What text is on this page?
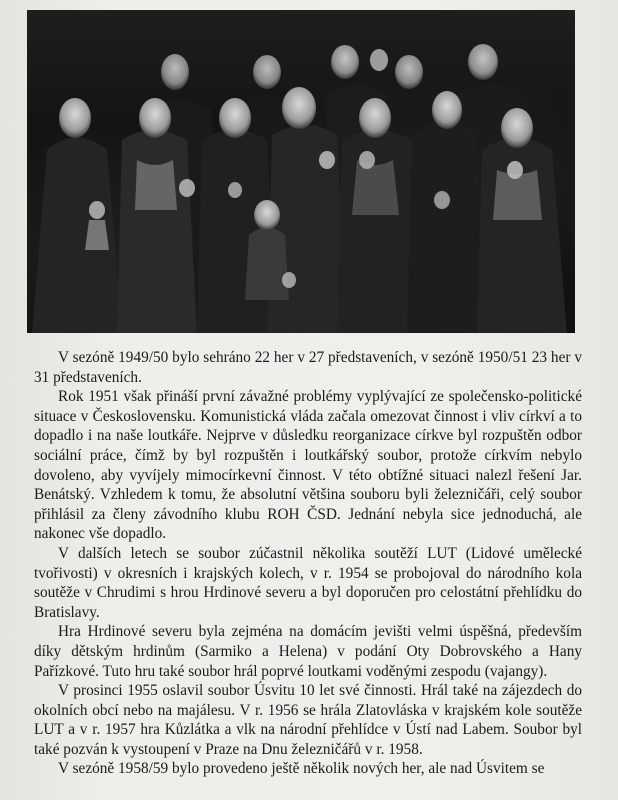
V sezóně 1949/50 bylo sehráno 22 her v 27 představeních, v sezóně 1950/51 23 her v 31 představeních.

Rok 1951 však přináší první závažné problémy vyplývající ze společensko-politické situace v Československu. Komunistická vláda začala omezovat činnost i vliv církví a to dopadlo i na naše loutkáře. Nejprve v důsledku reorganizace církve byl rozpuštěn odbor sociální práce, čímž by byl rozpuštěn i loutkářský soubor, protože církvím nebylo dovoleno, aby vyvíjely mimocírkevní činnost. V této obtížné situaci nalezl řešení Jar. Benátský. Vzhledem k tomu, že absolutní většina souboru byli železničáři, celý soubor přihlásil za členy závodního klubu ROH ČSD. Jednání nebyla sice jednoduchá, ale nakonec vše dopadlo.

V dalších letech se soubor zúčastnil několika soutěží LUT (Lidové umělecké tvořivosti) v okresních i krajských kolech, v r. 1954 se probojoval do národního kola soutěže v Chrudimi s hrou Hrdinové severu a byl doporučen pro celostátní přehlídku do Bratislavy.

Hra Hrdinové severu byla zejména na domácím jevišti velmi úspěšná, především díky dětským hrdinům (Sarmiko a Helena) v podání Oty Dobrovského a Hany Pařízkové. Tuto hru také soubor hrál poprvé loutkami voděnými zespodu (vajangy).

V prosinci 1955 oslavil soubor Úsvitu 10 let své činnosti. Hrál také na zájezdech do okolních obcí nebo na majálesu. V r. 1956 se hrála Zlatovláska v krajském kole soutěže LUT a v r. 1957 hra Kůzlátka a vlk na národní přehlídce v Ústí nad Labem. Soubor byl také pozván k vystoupení v Praze na Dnu železničářů v r. 1958.

V sezóně 1958/59 bylo provedeno ještě několik nových her, ale nad Úsvitem se
